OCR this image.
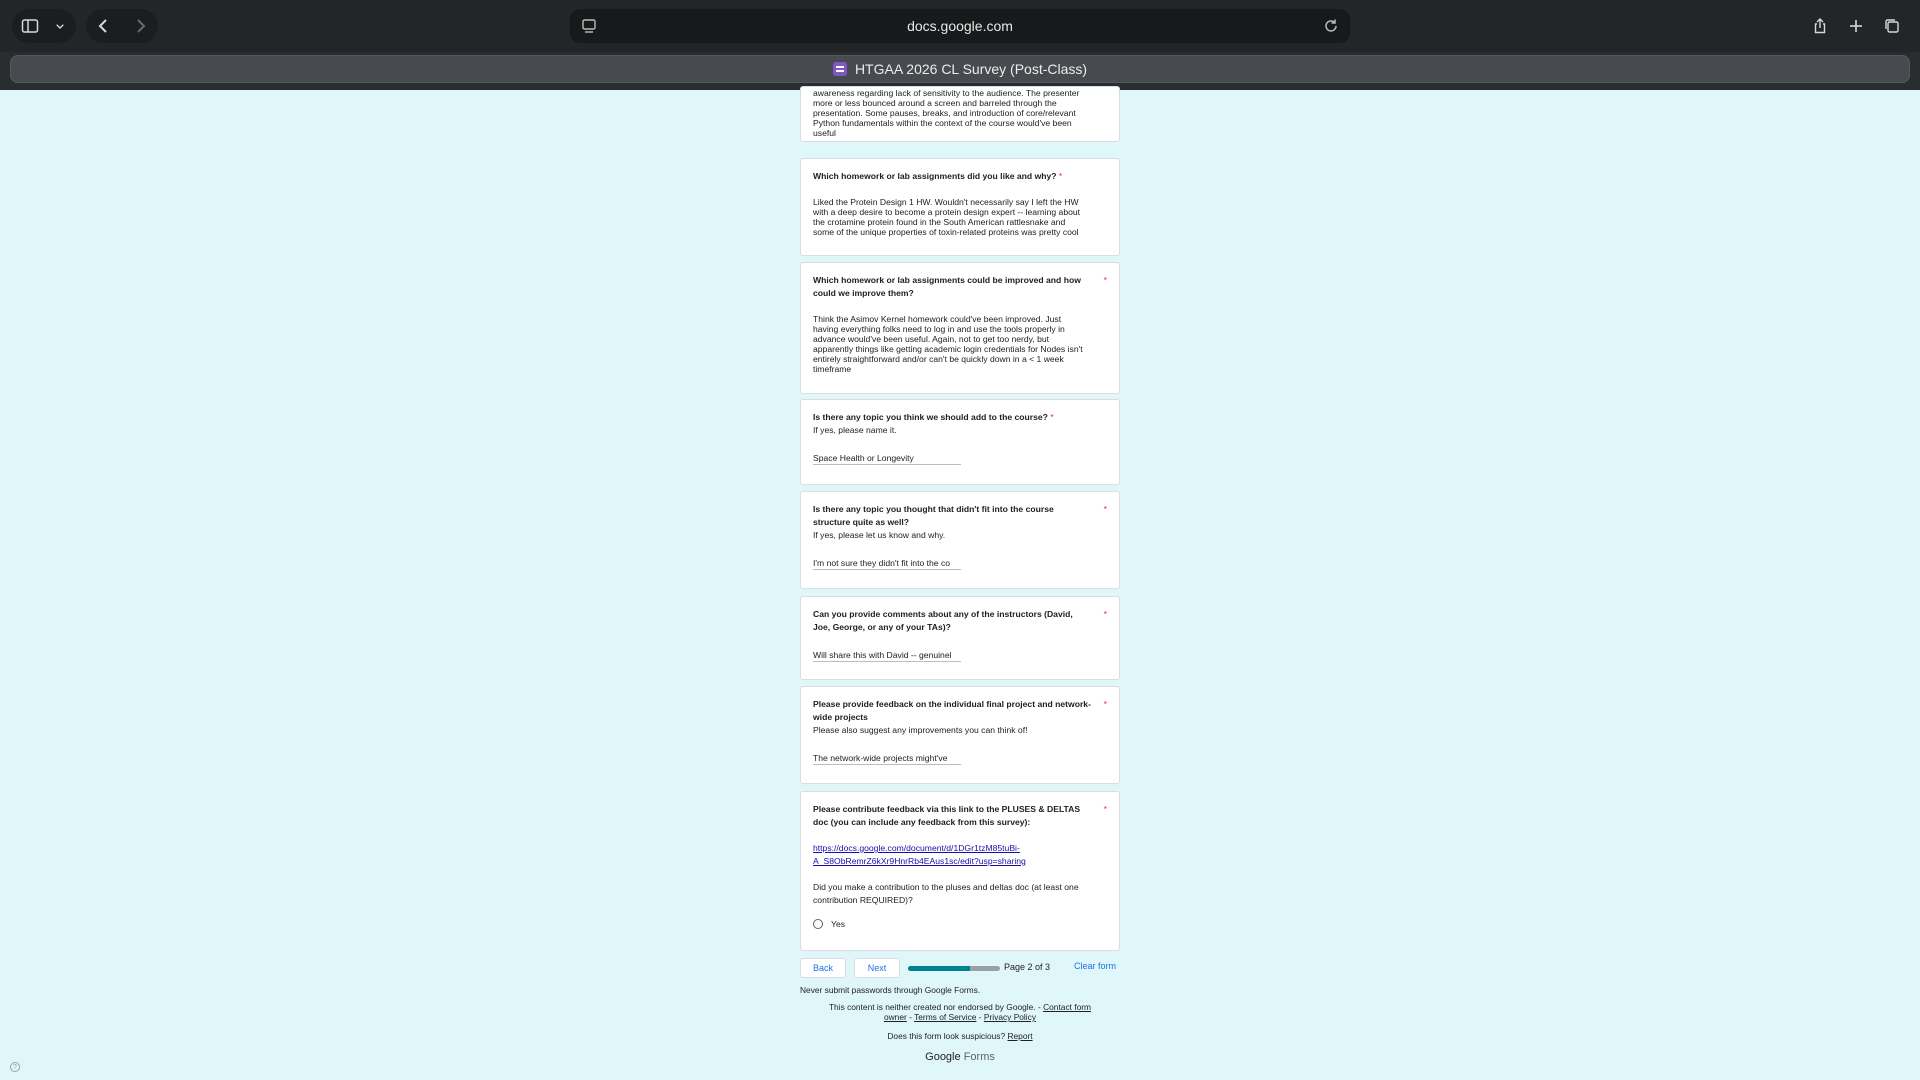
docs.google.com
HTGAA 2026 CL Survey (Post-Class)
awareness regarding lack of sensitivity to the audience. The presenter
more or less bounced around a screen and barreled through the
presentation. Some pauses, breaks, and introduction of core/relevant
Python fundamentals within the context of the course would've been
useful
Which homework or lab assignments did you like and why? *
Liked the Protein Design 1 HW. Wouldn't necessarily say I left the HW
with a deep desire to become a protein design expert -- learning about
the crotamine protein found in the South American rattlesnake and
some of the unique properties of toxin-related proteins was pretty cool
Which homework or lab assignments could be improved and how could we improve them?
*
Think the Asimov Kernel homework could've been improved. Just
having everything folks need to log in and use the tools properly in
advance would've been useful. Again, not to get too nerdy, but
apparently things like getting academic login credentials for Nodes isn't
entirely straightforward and/or can't be quickly down in a < 1 week
timeframe
Is there any topic you think we should add to the course? *
If yes, please name it.
Space Health or Longevity
Is there any topic you thought that didn't fit into the course structure quite as well?
*
If yes, please let us know and why.
I'm not sure they didn't fit into the co
Can you provide comments about any of the instructors (David, Joe, George, or any of your TAs)?
*
Will share this with David -- genuinel
Please provide feedback on the individual final project and network-wide projects
*
Please also suggest any improvements you can think of!
The network-wide projects might've
Please contribute feedback via this link to the PLUSES & DELTAS doc (you can include any feedback from this survey):
*
https://docs.google.com/document/d/1DGr1tzM85tuBi-
A_S8ObRemrZ6kXr9HnrRb4EAus1sc/edit?usp=sharing
Did you make a contribution to the pluses and deltas doc (at least one contribution REQUIRED)?
Yes
Back	Next	Page 2 of 3	Clear form
Never submit passwords through Google Forms.
This content is neither created nor endorsed by Google. - Contact form owner - Terms of Service - Privacy Policy
Does this form look suspicious? Report
Google Forms
?
